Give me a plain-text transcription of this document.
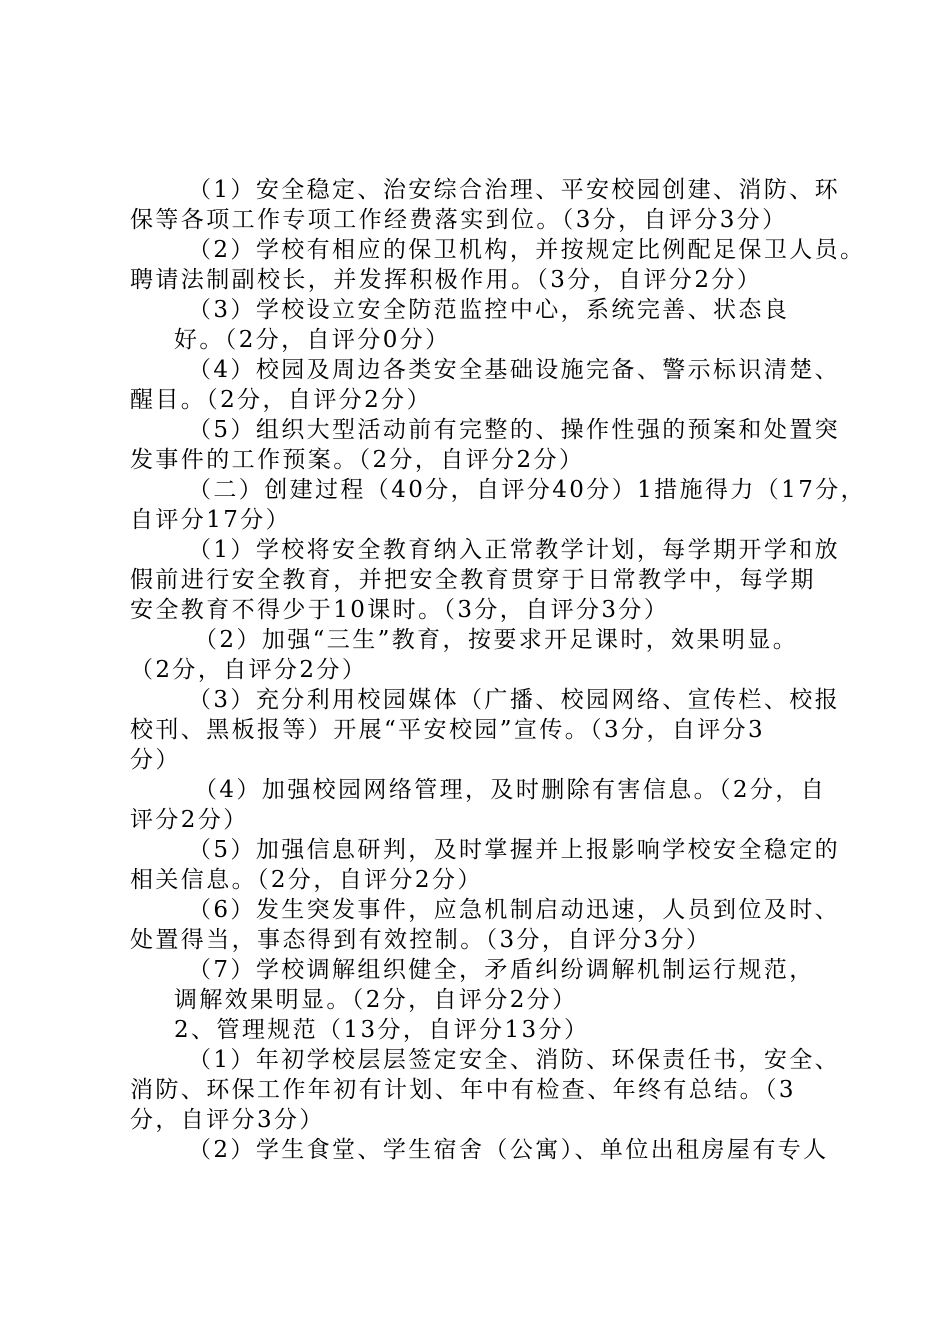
（1）安全稳定、治安综合治理、平安校园创建、消防、环
保等各项工作专项工作经费落实到位。（3分，自评分3分）
（2）学校有相应的保卫机构，并按规定比例配足保卫人员。
聘请法制副校长，并发挥积极作用。（3分，自评分2分）
（3）学校设立安全防范监控中心，系统完善、状态良
好。（2分，自评分0分）
（4）校园及周边各类安全基础设施完备、警示标识清楚、
醒目。（2分，自评分2分）
（5）组织大型活动前有完整的、操作性强的预案和处置突
发事件的工作预案。（2分，自评分2分）
（二）创建过程（40分，自评分40分）1措施得力（17分，
自评分17分）
（1）学校将安全教育纳入正常教学计划，每学期开学和放
假前进行安全教育，并把安全教育贯穿于日常教学中，每学期
安全教育不得少于10课时。（3分，自评分3分）
（2）加强“三生”教育，按要求开足课时，效果明显。
（2分，自评分2分）
（3）充分利用校园媒体（广播、校园网络、宣传栏、校报
校刊、黑板报等）开展“平安校园”宣传。（3分，自评分3
分）
（4）加强校园网络管理，及时删除有害信息。（2分，自
评分2分）
（5）加强信息研判，及时掌握并上报影响学校安全稳定的
相关信息。（2分，自评分2分）
（6）发生突发事件，应急机制启动迅速，人员到位及时、
处置得当，事态得到有效控制。（3分，自评分3分）
（7）学校调解组织健全，矛盾纠纷调解机制运行规范，
调解效果明显。（2分，自评分2分）
2、管理规范（13分，自评分13分）
（1）年初学校层层签定安全、消防、环保责任书，安全、
消防、环保工作年初有计划、年中有检查、年终有总结。（3
分，自评分3分）
（2）学生食堂、学生宿舍（公寓）、单位出租房屋有专人
